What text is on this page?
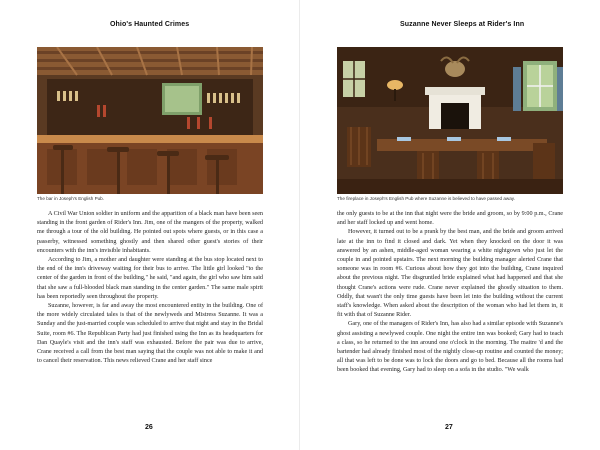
Ohio's Haunted Crimes
The bar in Joseph's English Pub.

A Civil War Union soldier in uniform and the apparition of a black man have been seen standing in the front garden of Rider's Inn. Jim, one of the mangers of the property, walked me through a tour of the old building. He pointed out spots where guests, or in this case a passerby, witnessed something ghostly and then shared other guest's stories of their encounters with the inn's invisible inhabitants.

According to Jim, a mother and daughter were standing at the bus stop located next to the end of the inn's driveway waiting for their bus to arrive. The little girl looked "to the center of the garden in front of the building," he said, "and again, the girl who saw him said that she saw a full-blooded black man standing in the center garden." The same male spirit has been reportedly seen throughout the property.

Suzanne, however, is far and away the most encountered entity in the building. One of the more widely circulated tales is that of the newlyweds and Mistress Suzanne. It was a Sunday and the just-married couple was scheduled to arrive that night and stay in the Bridal Suite, room #6. The Republican Party had just finished using the Inn as its headquarters for Dan Quayle's visit and the inn's staff was exhausted. Before the pair was due to arrive, Crane received a call from the best man saying that the couple was not able to make it and to cancel their reservation. This news relieved Crane and her staff since

26
Suzanne Never Sleeps at Rider's Inn
The fireplace in Joseph's English Pub where Suzanne is believed to have passed away.

the only guests to be at the inn that night were the bride and groom, so by 9:00 p.m., Crane and her staff locked up and went home.

However, it turned out to be a prank by the best man, and the bride and groom arrived late at the inn to find it closed and dark. Yet when they knocked on the door it was answered by an ashen, middle-aged woman wearing a white nightgown who just let the couple in and pointed upstairs. The next morning the building manager alerted Crane that someone was in room #6. Curious about how they got into the building, Crane inquired about the previous night. The disgruntled bride explained what had happened and that she thought Crane's actions were rude. Crane never explained the ghostly situation to them. Oddly, that wasn't the only time guests have been let into the building without the current staff's knowledge. When asked about the description of the woman who had let them in, it fit with that of Suzanne Rider.

Gary, one of the managers of Rider's Inn, has also had a similar episode with Suzanne's ghost assisting a newlywed couple. One night the entire inn was booked; Gary had to teach a class, so he returned to the inn around one o'clock in the morning. The maitre 'd and the bartender had already finished most of the nightly close-up routine and counted the money; all that was left to be done was to lock the doors and go to bed. Because all the rooms had been booked that evening, Gary had to sleep on a sofa in the studio. "We walk

27
